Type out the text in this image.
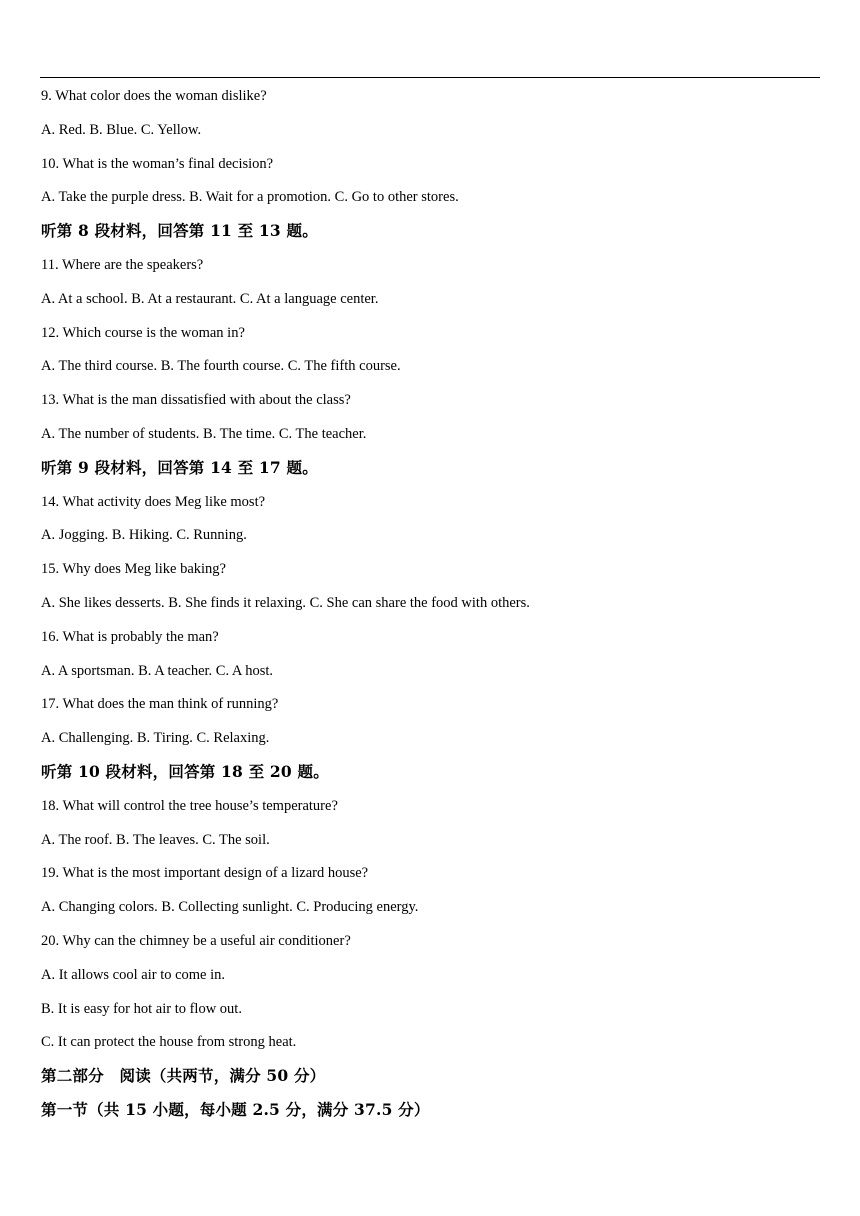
9. What color does the woman dislike?
A. Red. B. Blue. C. Yellow.
10. What is the woman’s final decision?
A. Take the purple dress. B. Wait for a promotion. C. Go to other stores.
听第 8 段材料，回答第 11 至 13 题。
11. Where are the speakers?
A. At a school. B. At a restaurant. C. At a language center.
12. Which course is the woman in?
A. The third course. B. The fourth course. C. The fifth course.
13. What is the man dissatisfied with about the class?
A. The number of students. B. The time. C. The teacher.
听第 9 段材料，回答第 14 至 17 题。
14. What activity does Meg like most?
A. Jogging. B. Hiking. C. Running.
15. Why does Meg like baking?
A. She likes desserts. B. She finds it relaxing. C. She can share the food with others.
16. What is probably the man?
A. A sportsman. B. A teacher. C. A host.
17. What does the man think of running?
A. Challenging. B. Tiring. C. Relaxing.
听第 10 段材料，回答第 18 至 20 题。
18. What will control the tree house’s temperature?
A. The roof. B. The leaves. C. The soil.
19. What is the most important design of a lizard house?
A. Changing colors. B. Collecting sunlight. C. Producing energy.
20. Why can the chimney be a useful air conditioner?
A. It allows cool air to come in.
B. It is easy for hot air to flow out.
C. It can protect the house from strong heat.
第二部分　阅读（共两节，满分 50 分）
第一节（共 15 小题，每小题 2.5 分，满分 37.5 分）
